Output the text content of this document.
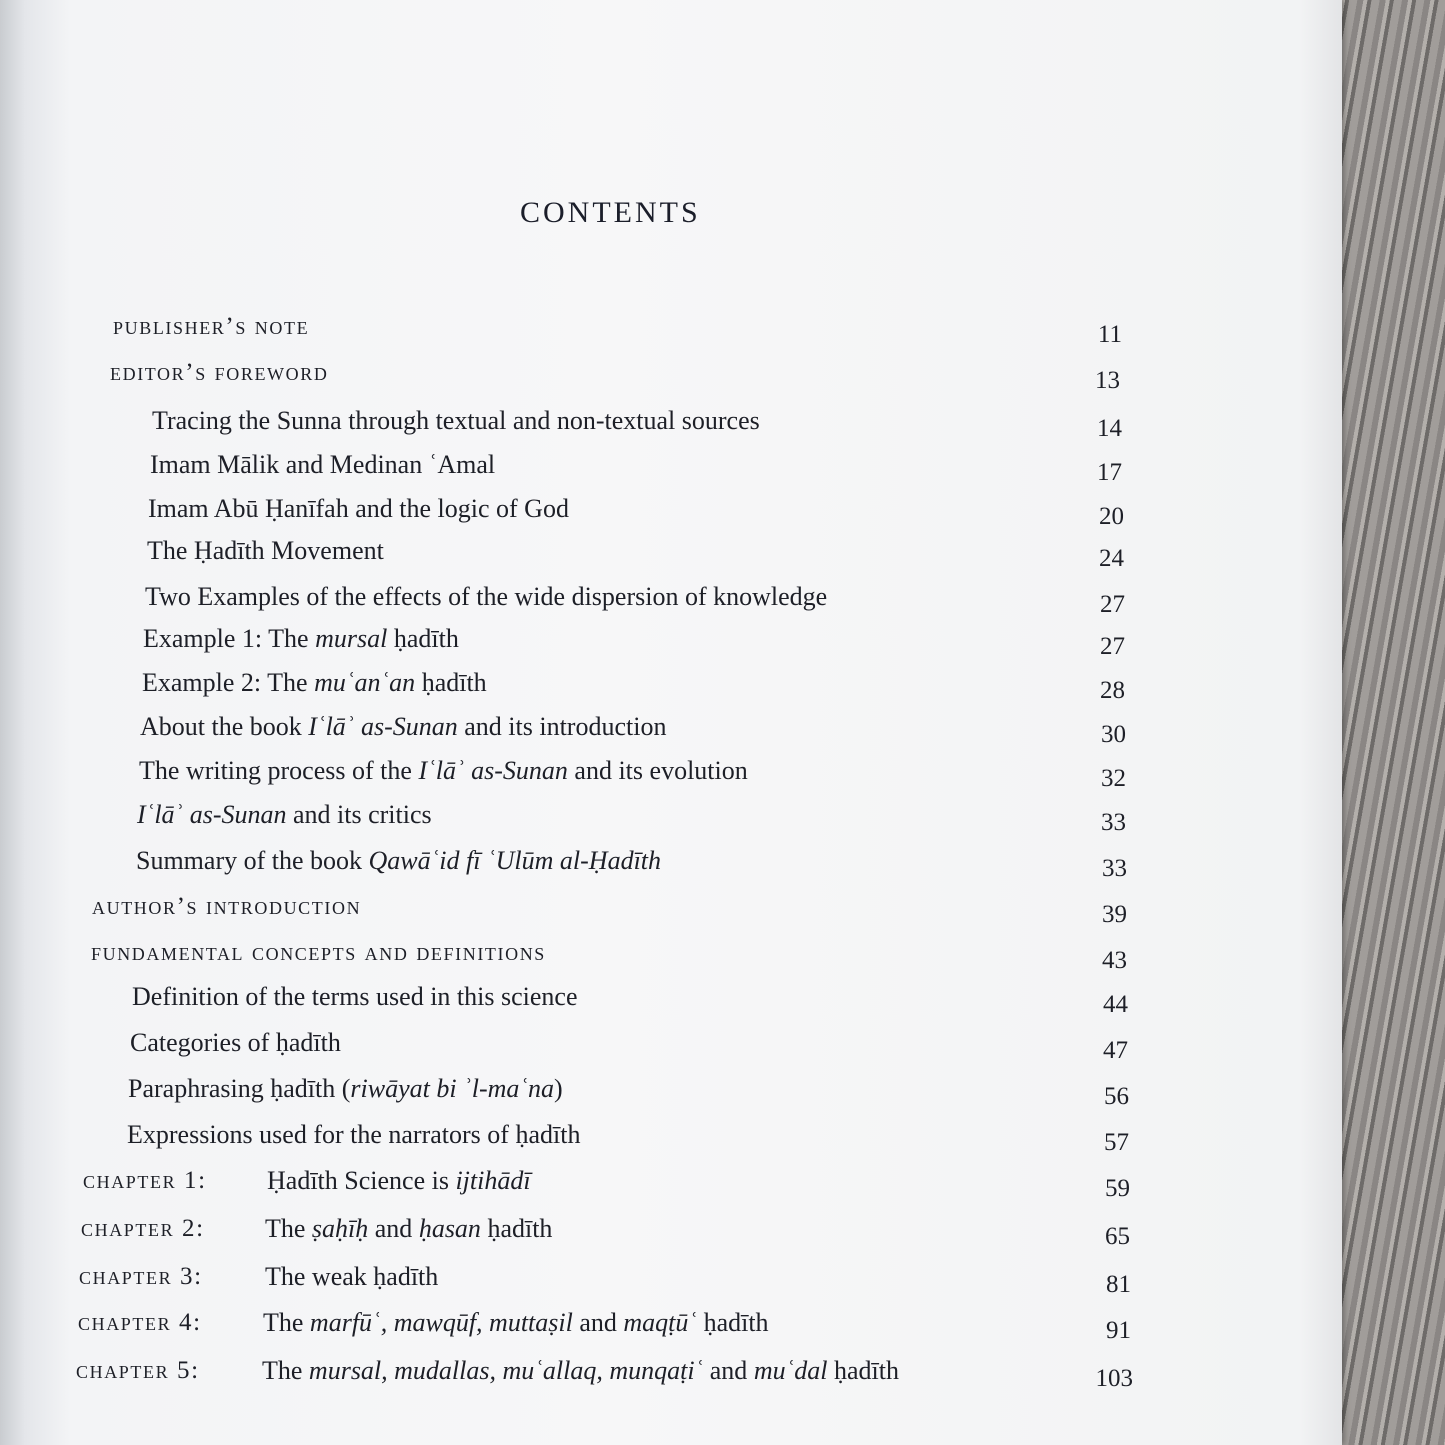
CONTENTS
publisher’s note	11
editor’s foreword	13
Tracing the Sunna through textual and non-textual sources	14
Imam Mālik and Medinan ʿAmal	17
Imam Abū Ḥanīfah and the logic of God	20
The Ḥadīth Movement	24
Two Examples of the effects of the wide dispersion of knowledge	27
Example 1: The mursal ḥadīth	27
Example 2: The muʿanʿan ḥadīth	28
About the book Iʿlāʾ as-Sunan and its introduction	30
The writing process of the Iʿlāʾ as-Sunan and its evolution	32
Iʿlāʾ as-Sunan and its critics	33
Summary of the book Qawāʿid fī ʿUlūm al-Ḥadīth	33
author’s introduction	39
fundamental concepts and definitions	43
Definition of the terms used in this science	44
Categories of ḥadīth	47
Paraphrasing ḥadīth (riwāyat bi ʾl-maʿna)	56
Expressions used for the narrators of ḥadīth	57
chapter 1: Ḥadīth Science is ijtihādī	59
chapter 2: The ṣaḥīḥ and ḥasan ḥadīth	65
chapter 3: The weak ḥadīth	81
chapter 4: The marfūʿ, mawqūf, muttaṣil and maqṭūʿ ḥadīth	91
chapter 5: The mursal, mudallas, muʿallaq, munqaṭiʿ and muʿdal ḥadīth	103
